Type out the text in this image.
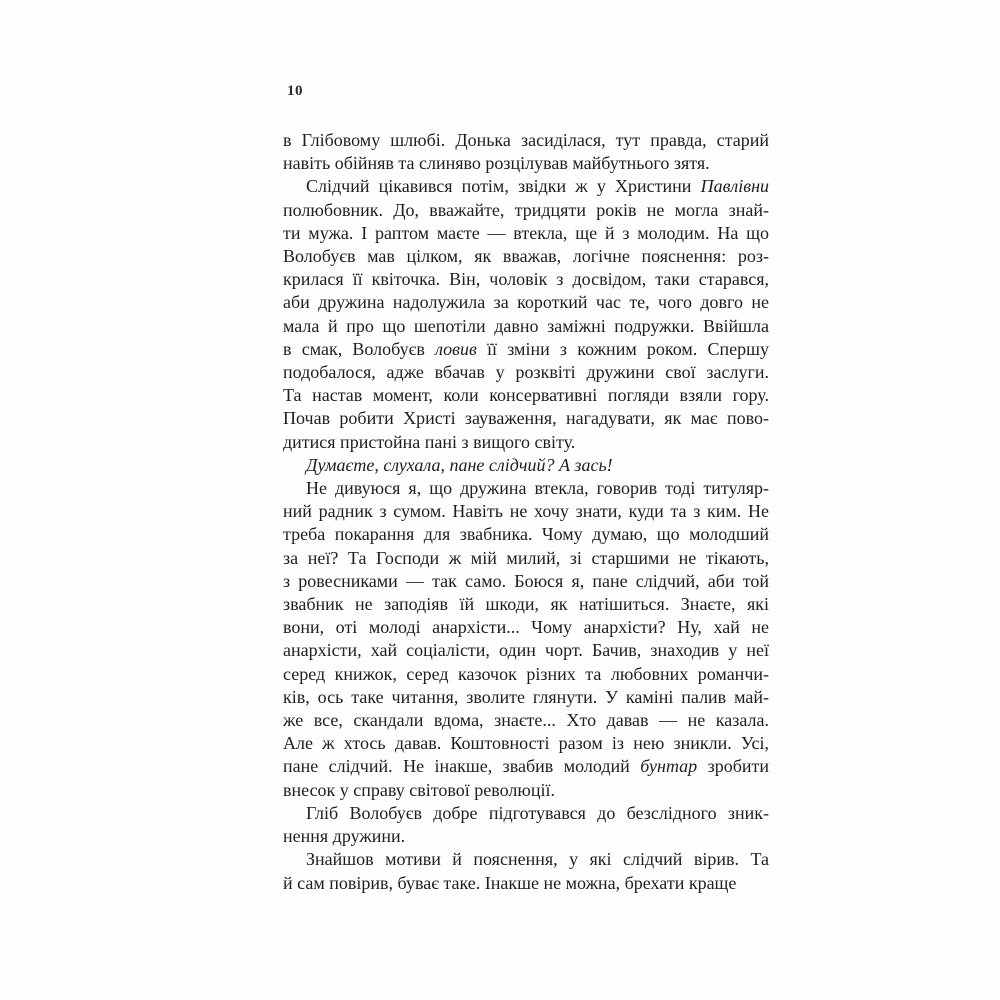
10
в Глібовому шлюбі. Донька засиділася, тут правда, старий
навіть обійняв та слиняво розцілував майбутнього зятя.
Слідчий цікавився потім, звідки ж у Христини Павлівни
полюбовник. До, вважайте, тридцяти років не могла знай-
ти мужа. І раптом маєте — втекла, ще й з молодим. На що
Волобуєв мав цілком, як вважав, логічне пояснення: роз-
крилася її квіточка. Він, чоловік з досвідом, таки старався,
аби дружина надолужила за короткий час те, чого довго не
мала й про що шепотіли давно заміжні подружки. Ввійшла
в смак, Волобуєв ловив її зміни з кожним роком. Спершу
подобалося, адже вбачав у розквіті дружини свої заслуги.
Та настав момент, коли консервативні погляди взяли гору.
Почав робити Христі зауваження, нагадувати, як має пово-
дитися пристойна пані з вищого світу.
Думаєте, слухала, пане слідчий? А зась!
Не дивуюся я, що дружина втекла, говорив тоді титуляр-
ний радник з сумом. Навіть не хочу знати, куди та з ким. Не
треба покарання для звабника. Чому думаю, що молодший
за неї? Та Господи ж мій милий, зі старшими не тікають,
з ровесниками — так само. Боюся я, пане слідчий, аби той
звабник не заподіяв їй шкоди, як натішиться. Знаєте, які
вони, оті молоді анархісти... Чому анархісти? Ну, хай не
анархісти, хай соціалісти, один чорт. Бачив, знаходив у неї
серед книжок, серед казочок різних та любовних романчи-
ків, ось таке читання, зволите глянути. У каміні палив май-
же все, скандали вдома, знаєте... Хто давав — не казала.
Але ж хтось давав. Коштовності разом із нею зникли. Усі,
пане слідчий. Не інакше, звабив молодий бунтар зробити
внесок у справу світової революції.
Гліб Волобуєв добре підготувався до безслідного зник-
нення дружини.
Знайшов мотиви й пояснення, у які слідчий вірив. Та
й сам повірив, буває таке. Інакше не можна, брехати краще
